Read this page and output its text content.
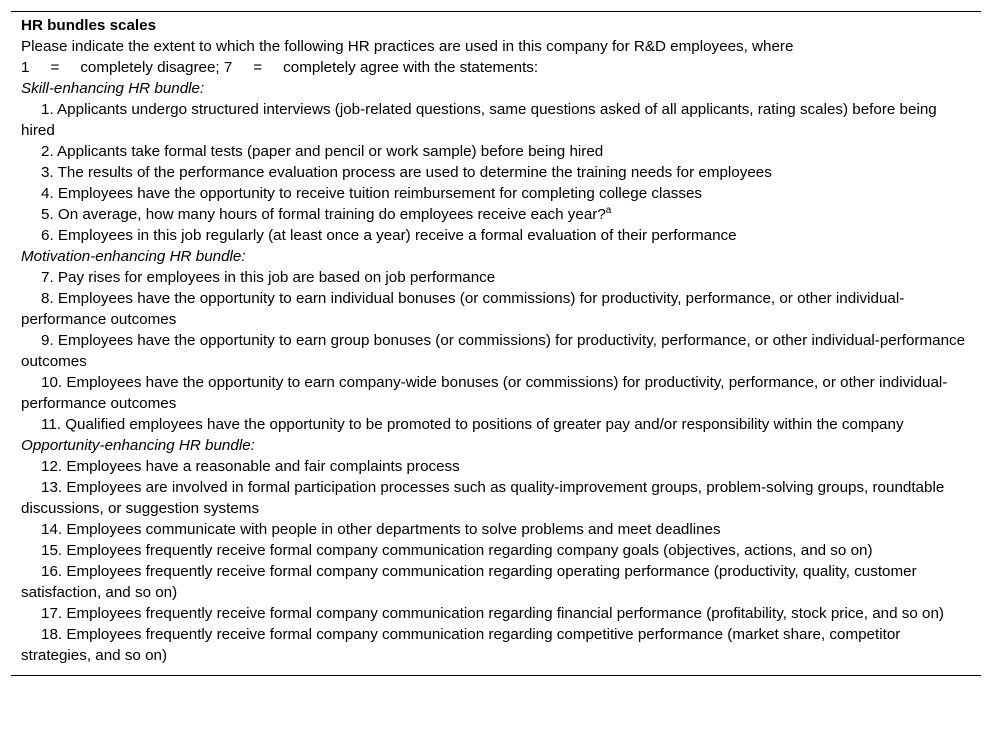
HR bundles scales
Please indicate the extent to which the following HR practices are used in this company for R&D employees, where
1 = completely disagree; 7 = completely agree with the statements:
Skill-enhancing HR bundle:
1. Applicants undergo structured interviews (job-related questions, same questions asked of all applicants, rating scales) before being hired
2. Applicants take formal tests (paper and pencil or work sample) before being hired
3. The results of the performance evaluation process are used to determine the training needs for employees
4. Employees have the opportunity to receive tuition reimbursement for completing college classes
5. On average, how many hours of formal training do employees receive each year?$^a$
6. Employees in this job regularly (at least once a year) receive a formal evaluation of their performance
Motivation-enhancing HR bundle:
7. Pay rises for employees in this job are based on job performance
8. Employees have the opportunity to earn individual bonuses (or commissions) for productivity, performance, or other individual-performance outcomes
9. Employees have the opportunity to earn group bonuses (or commissions) for productivity, performance, or other individual-performance outcomes
10. Employees have the opportunity to earn company-wide bonuses (or commissions) for productivity, performance, or other individual-performance outcomes
11. Qualified employees have the opportunity to be promoted to positions of greater pay and/or responsibility within the company
Opportunity-enhancing HR bundle:
12. Employees have a reasonable and fair complaints process
13. Employees are involved in formal participation processes such as quality-improvement groups, problem-solving groups, roundtable discussions, or suggestion systems
14. Employees communicate with people in other departments to solve problems and meet deadlines
15. Employees frequently receive formal company communication regarding company goals (objectives, actions, and so on)
16. Employees frequently receive formal company communication regarding operating performance (productivity, quality, customer satisfaction, and so on)
17. Employees frequently receive formal company communication regarding financial performance (profitability, stock price, and so on)
18. Employees frequently receive formal company communication regarding competitive performance (market share, competitor strategies, and so on)
